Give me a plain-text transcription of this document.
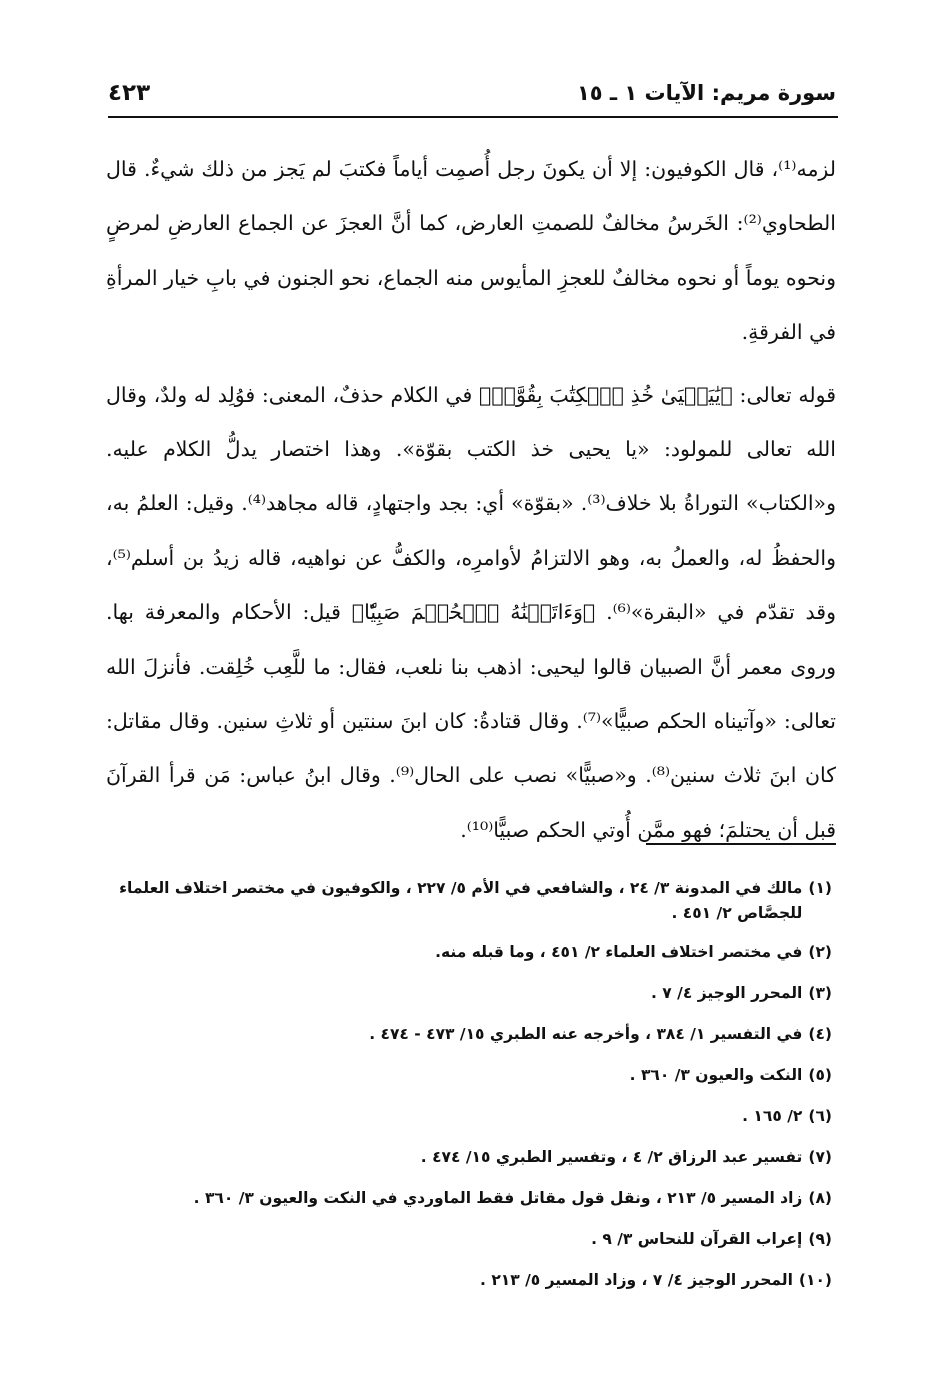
سورة مريم: الآيات ١ ـ ١٥
٤٢٣

لزمه⁽¹⁾، قال الكوفيون: إلا أن يكونَ رجل أُصمِت أياماً فكتبَ لم يَجز من ذلك شيءٌ. قال الطحاوي⁽²⁾: الخَرسُ مخالفٌ للصمتِ العارض، كما أنَّ العجزَ عن الجماع العارضِ لمرضٍ ونحوه يوماً أو نحوه مخالفٌ للعجزِ المأيوس منه الجماع، نحو الجنون في بابِ خيار المرأةِ في الفرقةِ.

قوله تعالى: ﴿يَٰيَحۡيَىٰ خُذِ ٱلۡكِتَٰبَ بِقُوَّةٖ﴾ في الكلام حذفٌ، المعنى: فوُلِد له ولدٌ، وقال الله تعالى للمولود: «يا يحيى خذ الكتب بقوّة». وهذا اختصار يدلُّ الكلام عليه. و«الكتاب» التوراةُ بلا خلاف⁽³⁾. «بقوّة» أي: بجد واجتهادٍ، قاله مجاهد⁽⁴⁾. وقيل: العلمُ به، والحفظُ له، والعملُ به، وهو الالتزامُ لأوامرِه، والكفُّ عن نواهيه، قاله زيدُ بن أسلم⁽⁵⁾، وقد تقدّم في «البقرة»⁽⁶⁾. ﴿وَءَاتَيۡنَٰهُ ٱلۡحُكۡمَ صَبِيّٗا﴾ قيل: الأحكام والمعرفة بها. وروى معمر أنَّ الصبيان قالوا ليحيى: اذهب بنا نلعب، فقال: ما للَّعِب خُلِقت. فأنزلَ الله تعالى: «وآتيناه الحكم صبيًّا»⁽⁷⁾. وقال قتادةُ: كان ابنَ سنتين أو ثلاثِ سنين. وقال مقاتل: كان ابنَ ثلاث سنين⁽⁸⁾. و«صبيًّا» نصب على الحال⁽⁹⁾. وقال ابنُ عباس: مَن قرأ القرآنَ قبل أن يحتلمَ؛ فهو ممَّن أُوتي الحكم صبيًّا⁽¹⁰⁾.

(١)
مالك في المدونة ٣/ ٢٤ ، والشافعي في الأم ٥/ ٢٢٧ ، والكوفيون في مختصر اختلاف العلماء للجصَّاص ٢/ ٤٥١ .
(٢)
في مختصر اختلاف العلماء ٢/ ٤٥١ ، وما قبله منه.
(٣)
المحرر الوجيز ٤/ ٧ .
(٤)
في التفسير ١/ ٣٨٤ ، وأخرجه عنه الطبري ١٥/ ٤٧٣ - ٤٧٤ .
(٥)
النكت والعيون ٣/ ٣٦٠ .
(٦)
٢/ ١٦٥ .
(٧)
تفسير عبد الرزاق ٢/ ٤ ، وتفسير الطبري ١٥/ ٤٧٤ .
(٨)
زاد المسير ٥/ ٢١٣ ، ونقل قول مقاتل فقط الماوردي في النكت والعيون ٣/ ٣٦٠ .
(٩)
إعراب القرآن للنحاس ٣/ ٩ .
(١٠)
المحرر الوجيز ٤/ ٧ ، وزاد المسير ٥/ ٢١٣ .
